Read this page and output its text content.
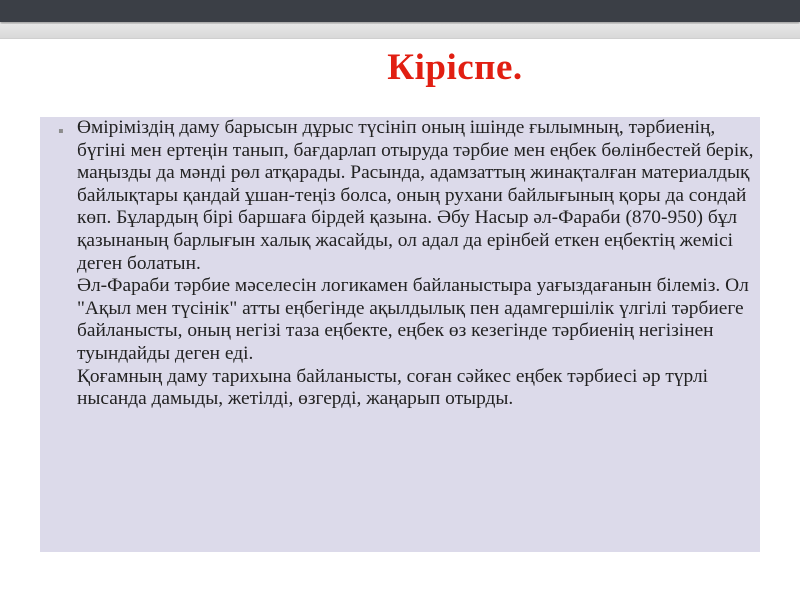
Кіріспе.
▪ Өміріміздің даму барысын дұрыс түсініп оның ішінде ғылымның, тәрбиенің, бүгіні мен ертеңін танып, бағдарлап отыруда тәрбие мен еңбек бөлінбестей берік, маңызды да мәнді рөл атқарады. Расында, адамзаттың жинақталған материалдық байлықтары қандай ұшан-теңіз болса, оның рухани байлығының қоры да сондай көп. Бұлардың бірі баршаға бірдей қазына. Әбу Насыр әл-Фараби (870-950) бұл қазынаның барлығын халық жасайды, ол адал да ерінбей еткен еңбектің жемісі деген болатын.

Әл-Фараби тәрбие мәселесін логикамен байланыстыра уағыздағанын білеміз. Ол "Ақыл мен түсінік" атты еңбегінде ақылдылық пен адамгершілік үлгілі тәрбиеге байланысты, оның негізі таза еңбекте, еңбек өз кезегінде тәрбиенің негізінен туындайды деген еді.

Қоғамның даму тарихына байланысты, соған сәйкес еңбек тәрбиесі әр түрлі нысанда дамыды, жетілді, өзгерді, жаңарып отырды.
